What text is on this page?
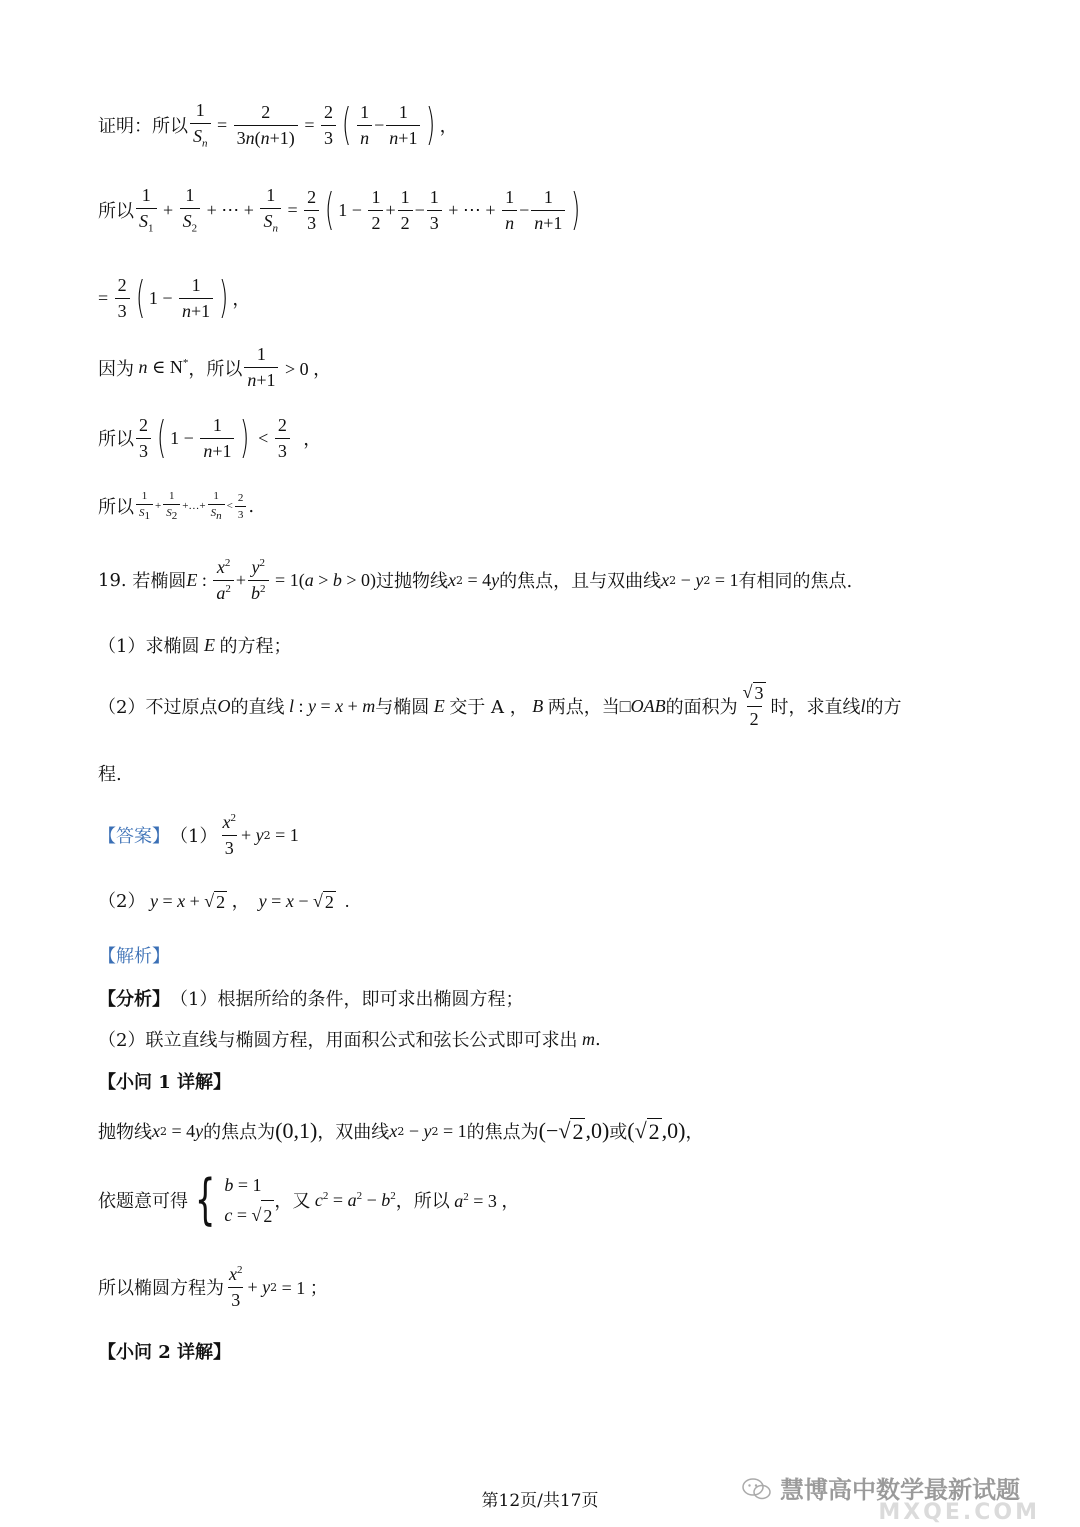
证明：所以 $\frac{1}{S_n} = \frac{2}{3n(n+1)} = \frac{2}{3}$ ( $\frac{1}{n} - \frac{1}{n+1}$ ) ，
所以 $\frac{1}{S_1} + \frac{1}{S_2}$ + ⋯ + $\frac{1}{S_n} = \frac{2}{3}$ ( $1 - \frac{1}{2} + \frac{1}{2} - \frac{1}{3}$ + ⋯ + $\frac{1}{n} - \frac{1}{n+1}$ )
= $\frac{2}{3}$ ( $1 - \frac{1}{n+1}$ ) ，
因为 n ∈ N* ，所以 $\frac{1}{n+1} > 0$ ，
所以 $\frac{2}{3}$ ( $1 - \frac{1}{n+1}$ ) < $\frac{2}{3}$ ，
所以 $\frac{1}{S_1} + \frac{1}{S_2}$ +…+ $\frac{1}{S_n} < \frac{2}{3}$ .
19.
若椭圆 E : $\frac{x^2}{a^2} + \frac{y^2}{b^2} = 1(a > b > 0)$ 过抛物线 x 2 = 4y 的焦点，且与双曲线 x 2 − y 2 = 1 有相同的焦点.
（1）求椭圆 E 的方程；
（2）不过原点 O 的直线 l : y = x + m 与椭圆 E 交于 A ， B 两点，当 □ OAB 的面积为 $\frac{√ 3}{2}$ 时，求直线 l 的方
程.
【答案】 $(1) \frac{x^2}{3} + y$ 2 = 1
（2） y = x + √ 2 ，  y = x − √ 2 .
【解析】
【分析】 （1）根据所给的条件，即可求出椭圆方程；
（2）联立直线与椭圆方程，用面积公式和弦长公式即可求出
m .
【小问 1 详解】
抛物线 x 2 = 4y 的焦点为 (0,1) ，双曲线 x 2 − y 2 = 1 的焦点为 (−√ 2 ,0) 或 (√ 2 ,0) ，
依题意可得 { b = 1
c = √ 2
，又 $c^2 = a^2 - b^2$ ，所以 $a^2 = 3$ ，
所以椭圆方程为 $\frac{x^2}{3} + y$ 2 = 1 ；
【小问 2 详解】
第12页/共17页	慧博高中数学最新试题
MXQE.COM
